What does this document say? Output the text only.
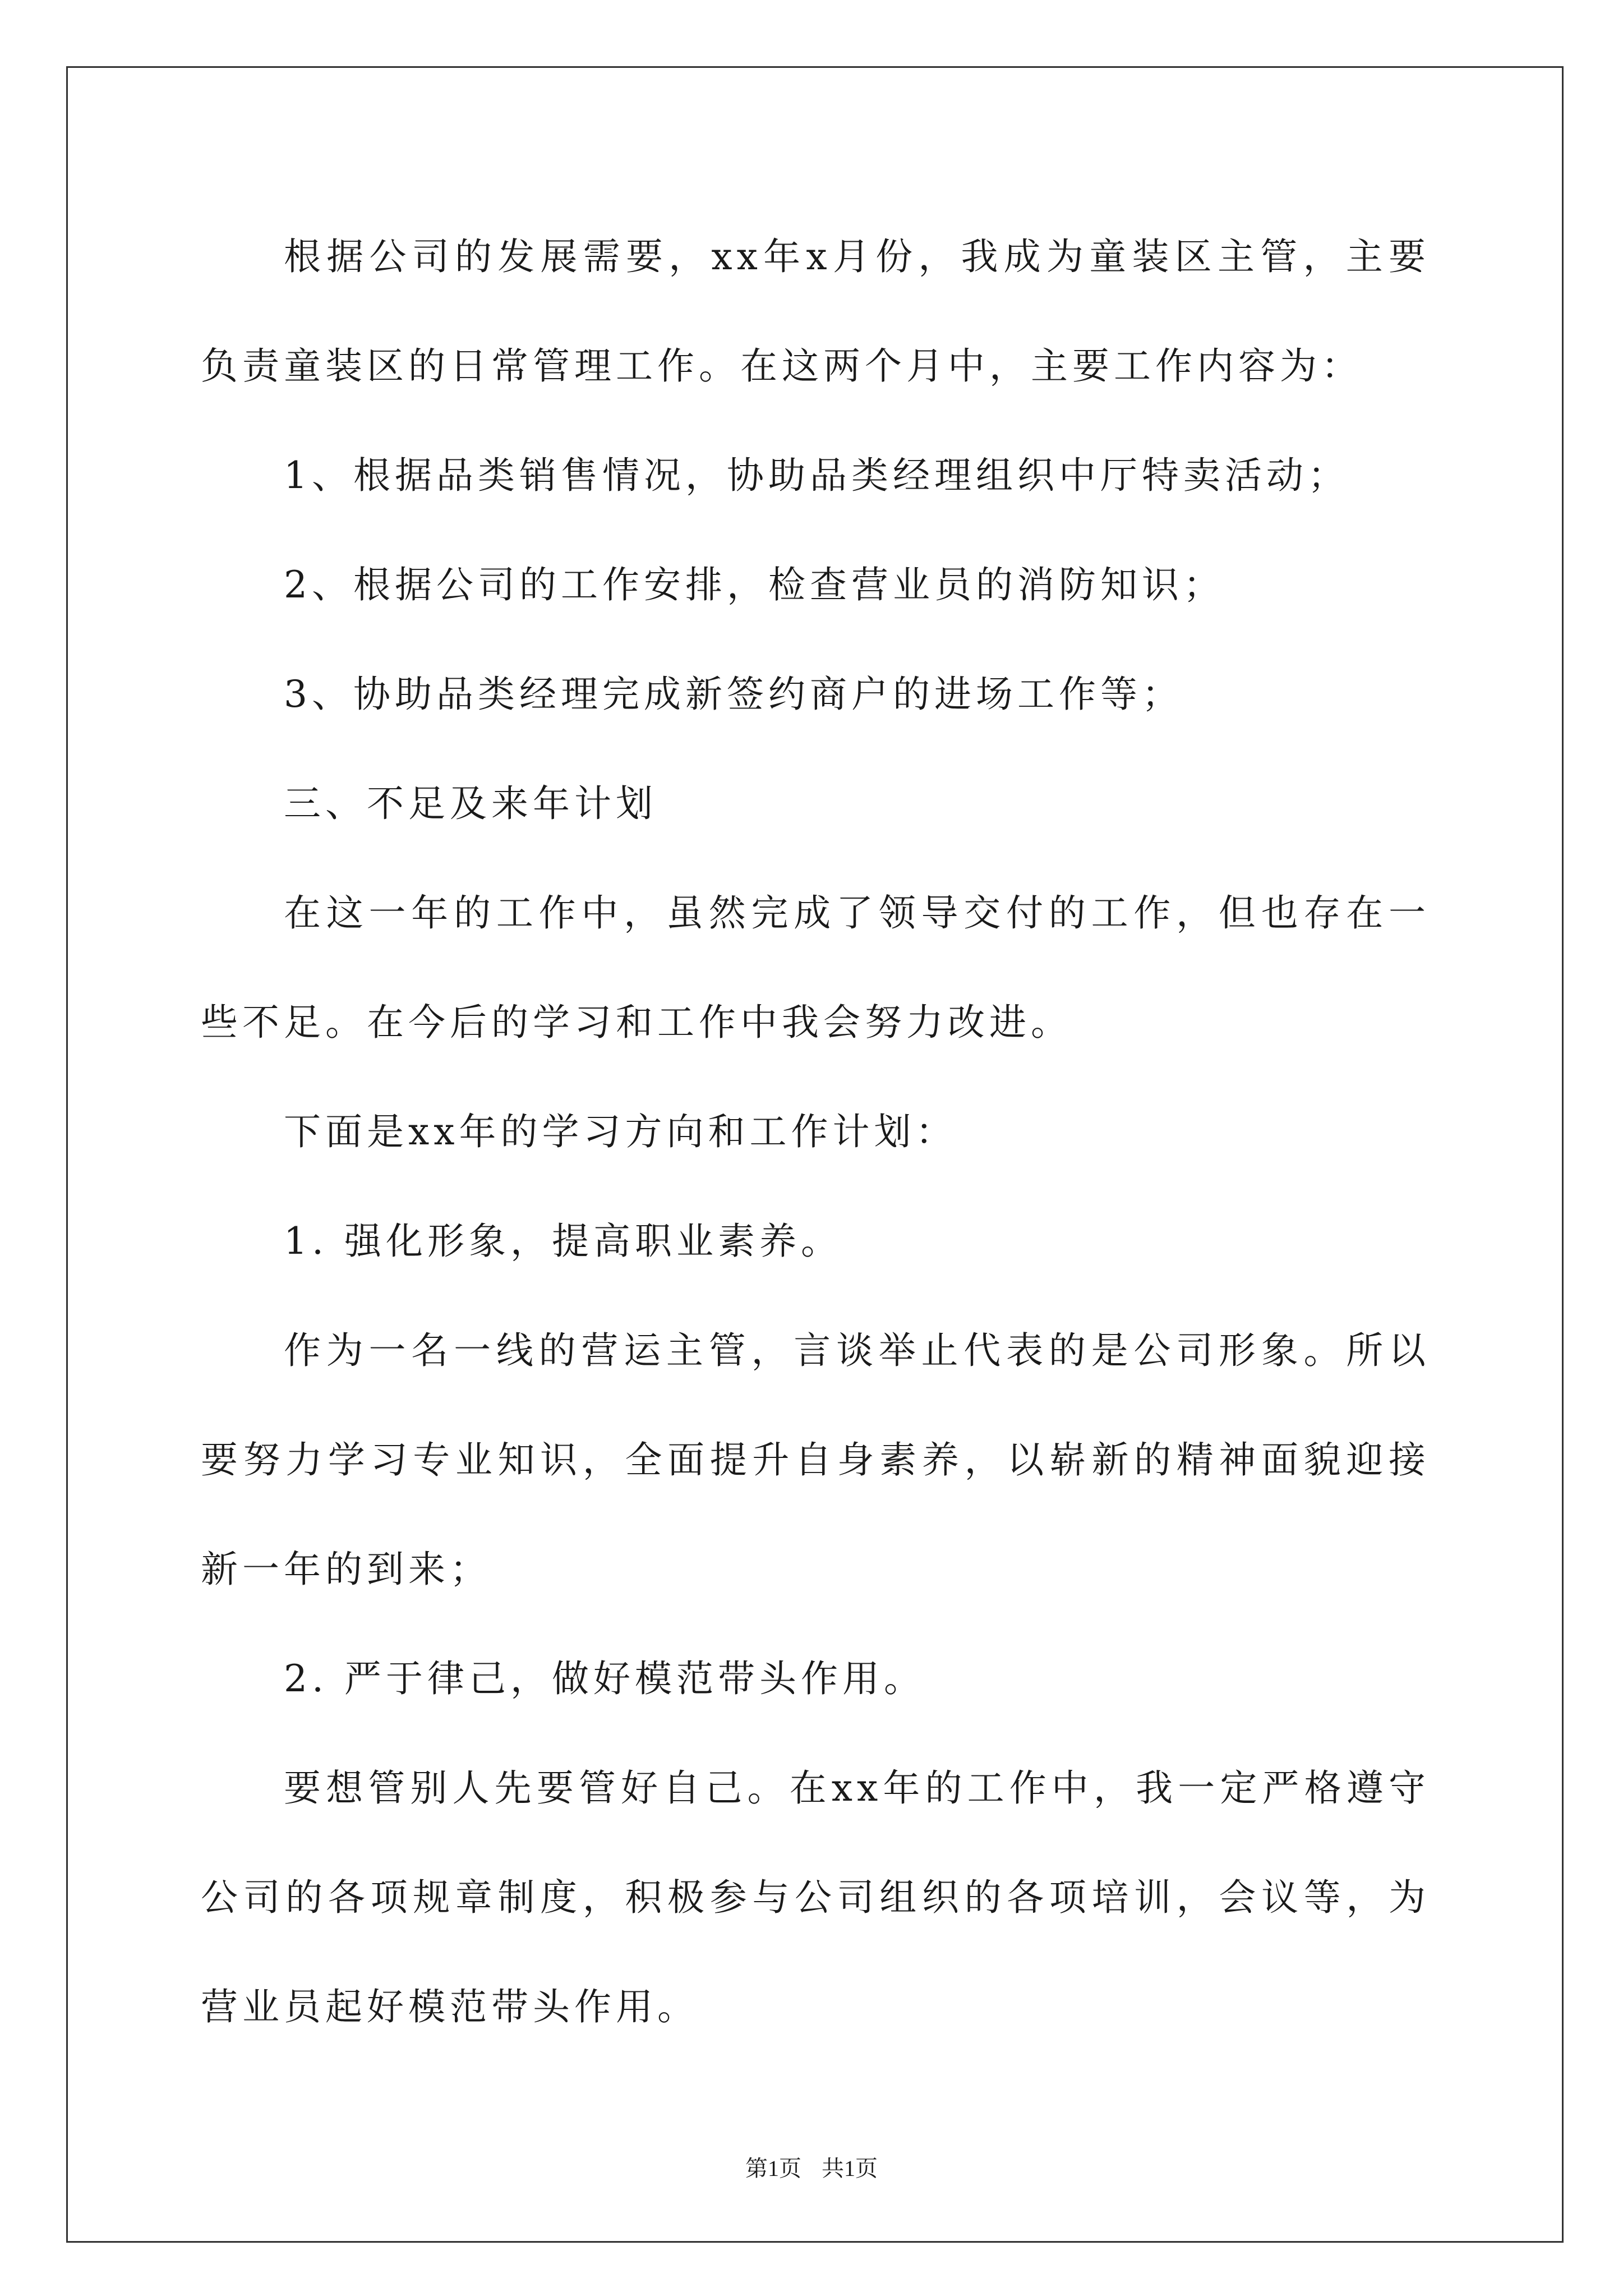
根据公司的发展需要，xx年x月份，我成为童装区主管，主要负责童装区的日常管理工作。在这两个月中，主要工作内容为：

1、根据品类销售情况，协助品类经理组织中厅特卖活动；

2、根据公司的工作安排，检查营业员的消防知识；

3、协助品类经理完成新签约商户的进场工作等；

三、不足及来年计划

在这一年的工作中，虽然完成了领导交付的工作，但也存在一些不足。在今后的学习和工作中我会努力改进。

下面是xx年的学习方向和工作计划：

1. 强化形象，提高职业素养。

作为一名一线的营运主管，言谈举止代表的是公司形象。所以要努力学习专业知识，全面提升自身素养，以崭新的精神面貌迎接新一年的到来；

2. 严于律己，做好模范带头作用。

要想管别人先要管好自己。在xx年的工作中，我一定严格遵守公司的各项规章制度，积极参与公司组织的各项培训，会议等，为营业员起好模范带头作用。

第1页 共1页
